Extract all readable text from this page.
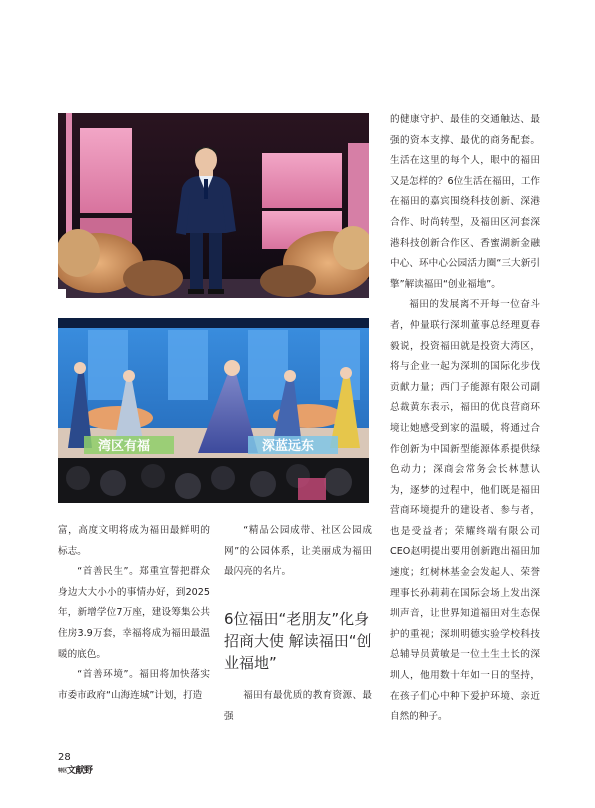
湾区有福	深蓝远东

富，高度文明将成为福田最鲜明的标志。

“首善民生”。郑重宣誓把群众身边大大小小的事情办好，到2025年，新增学位7万座，建设筹集公共住房3.9万套，幸福将成为福田最温暖的底色。

“首善环境”。福田将加快落实市委市政府“山海连城”计划，打造

“精品公园成带、社区公园成网”的公园体系，让美丽成为福田最闪亮的名片。

6位福田“老朋友”化身招商大使 解读福田“创业福地”

福田有最优质的教育资源、最强

的健康守护、最佳的交通触达、最强的资本支撑、最优的商务配套。生活在这里的每个人，眼中的福田又是怎样的？6位生活在福田，工作在福田的嘉宾围绕科技创新、深港合作、时尚转型，及福田区河套深港科技创新合作区、香蜜湖新金融中心、环中心公园活力圈“三大新引擎”解读福田“创业福地”。

福田的发展离不开每一位奋斗者，仲量联行深圳董事总经理夏春毅说，投资福田就是投资大湾区，将与企业一起为深圳的国际化步伐贡献力量；西门子能源有限公司副总裁黄东表示，福田的优良营商环境让她感受到家的温暖，将通过合作创新为中国新型能源体系提供绿色动力；深商会常务会长林慧认为，逐梦的过程中，他们既是福田营商环境提升的建设者、参与者，也是受益者；荣耀终端有限公司CEO赵明提出要用创新跑出福田加速度；红树林基金会发起人、荣誉理事长孙莉莉在国际会场上发出深圳声音，让世界知道福田对生态保护的重视；深圳明德实验学校科技总辅导员黄敏是一位土生土长的深圳人，他用数十年如一日的坚持，在孩子们心中种下爱护环境、亲近自然的种子。

28
$^{特区}$文献野
